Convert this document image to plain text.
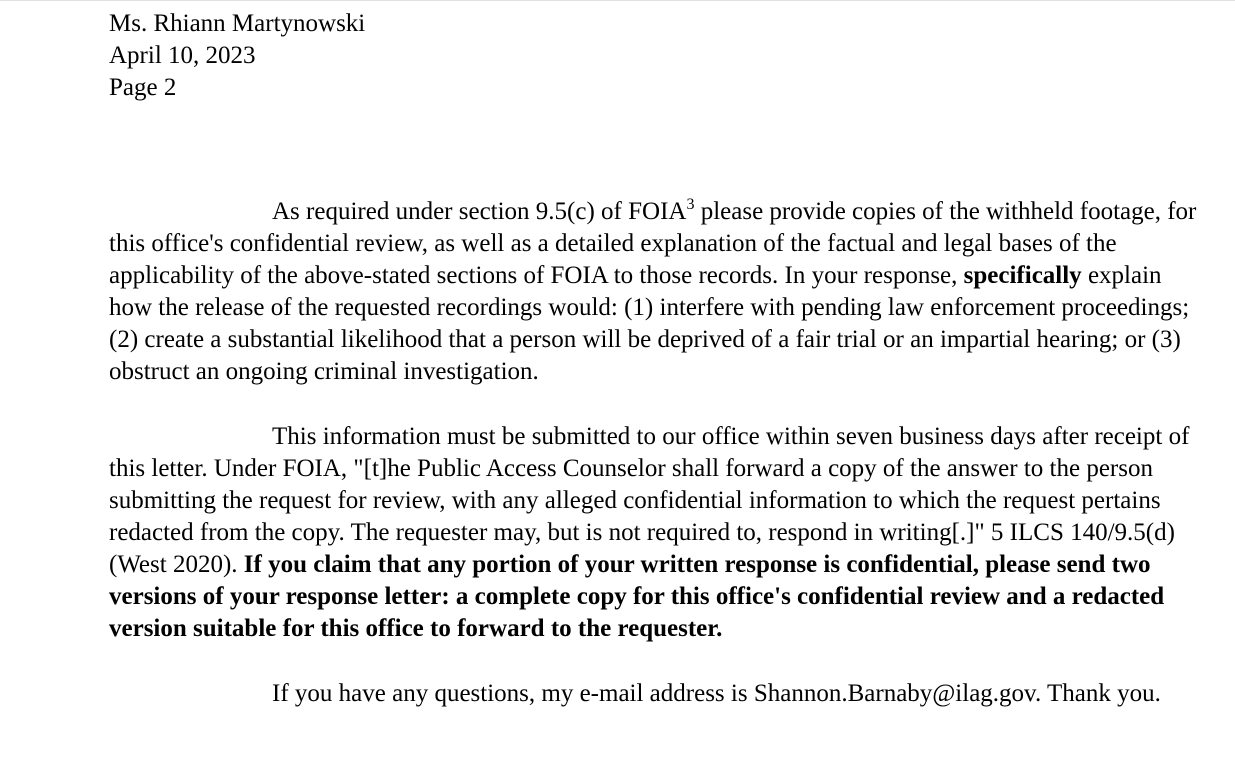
Ms. Rhiann Martynowski
April 10, 2023
Page 2

As required under section 9.5(c) of FOIA$^3$ please provide copies of the withheld footage, for this office's confidential review, as well as a detailed explanation of the factual and legal bases of the applicability of the above-stated sections of FOIA to those records. In your response, specifically explain how the release of the requested recordings would: (1) interfere with pending law enforcement proceedings; (2) create a substantial likelihood that a person will be deprived of a fair trial or an impartial hearing; or (3) obstruct an ongoing criminal investigation.

This information must be submitted to our office within seven business days after receipt of this letter. Under FOIA, "[t]he Public Access Counselor shall forward a copy of the answer to the person submitting the request for review, with any alleged confidential information to which the request pertains redacted from the copy. The requester may, but is not required to, respond in writing[.]" 5 ILCS 140/9.5(d) (West 2020). If you claim that any portion of your written response is confidential, please send two versions of your response letter: a complete copy for this office's confidential review and a redacted version suitable for this office to forward to the requester.

If you have any questions, my e-mail address is Shannon.Barnaby@ilag.gov. Thank you.
